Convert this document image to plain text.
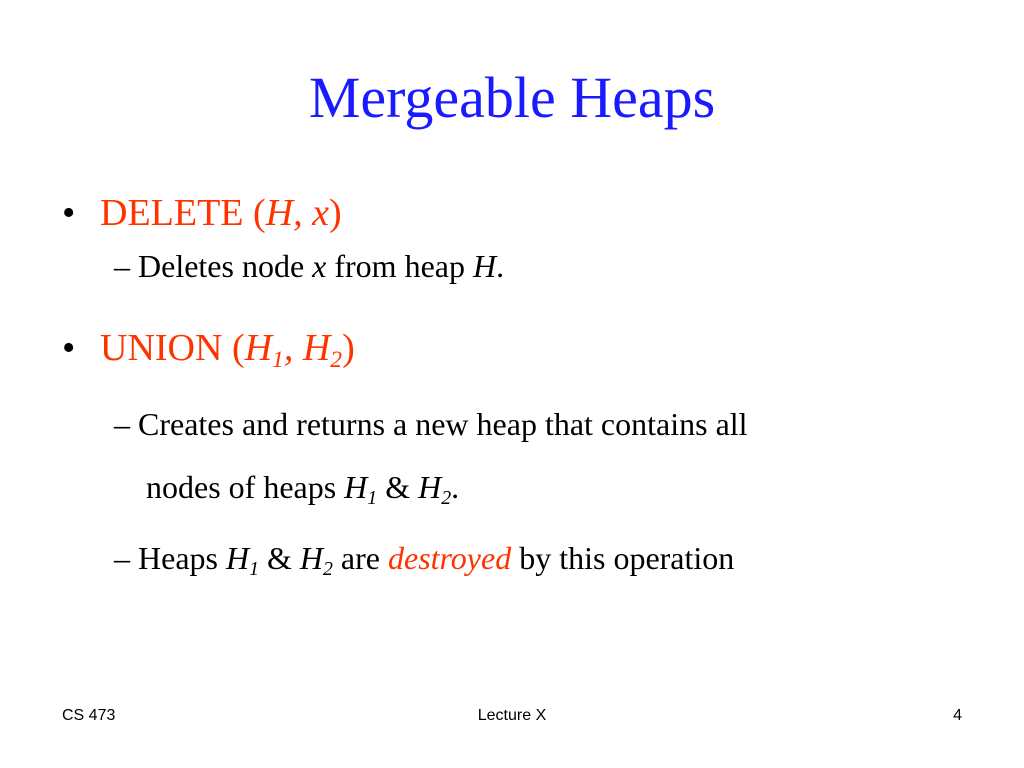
Mergeable Heaps
• DELETE (H, x)
– Deletes node x from heap H.
• UNION ($H_1$, $H_2$)
– Creates and returns a new heap that contains all
nodes of heaps $H_1$ & $H_2$.
– Heaps $H_1$ & $H_2$ are destroyed by this operation
CS 473	Lecture X	4
